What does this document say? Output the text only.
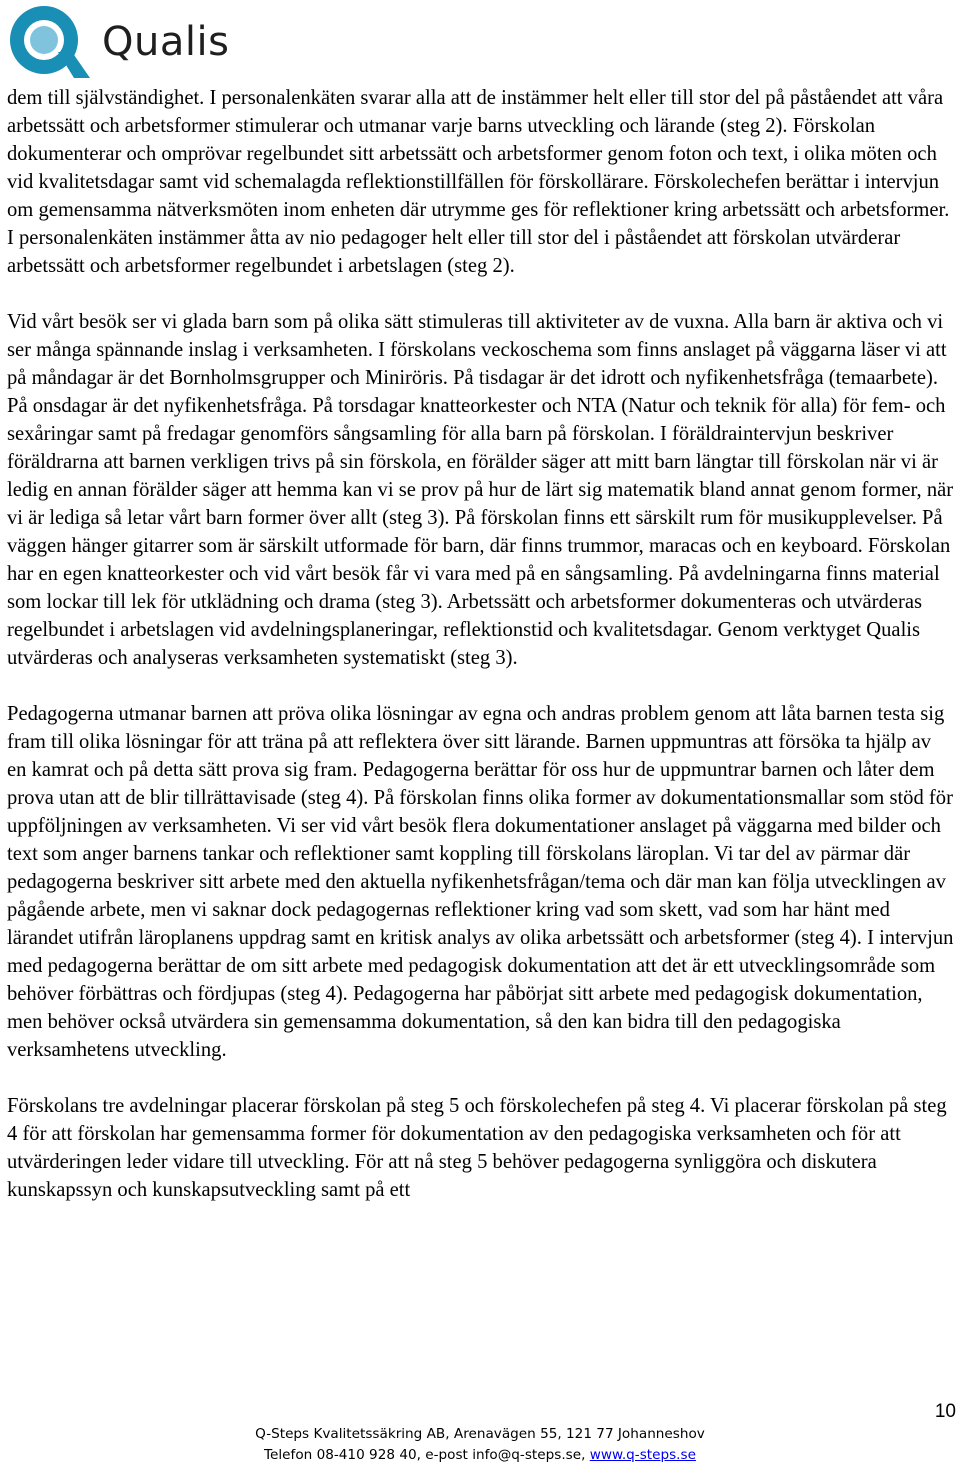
Qualis

dem till självständighet. I personalenkäten svarar alla att de instämmer helt eller till stor del på påståendet att våra arbetssätt och arbetsformer stimulerar och utmanar varje barns utveckling och lärande (steg 2). Förskolan dokumenterar och omprövar regelbundet sitt arbetssätt och arbetsformer genom foton och text, i olika möten och vid kvalitetsdagar samt vid schemalagda reflektionstillfällen för förskollärare. Förskolechefen berättar i intervjun om gemensamma nätverksmöten inom enheten där utrymme ges för reflektioner kring arbetssätt och arbetsformer. I personalenkäten instämmer åtta av nio pedagoger helt eller till stor del i påståendet att förskolan utvärderar arbetssätt och arbetsformer regelbundet i arbetslagen (steg 2).

Vid vårt besök ser vi glada barn som på olika sätt stimuleras till aktiviteter av de vuxna. Alla barn är aktiva och vi ser många spännande inslag i verksamheten. I förskolans veckoschema som finns anslaget på väggarna läser vi att på måndagar är det Bornholmsgrupper och Miniröris. På tisdagar är det idrott och nyfikenhetsfråga (temaarbete). På onsdagar är det nyfikenhetsfråga. På torsdagar knatteorkester och NTA (Natur och teknik för alla) för fem- och sexåringar samt på fredagar genomförs sångsamling för alla barn på förskolan. I föräldraintervjun beskriver föräldrarna att barnen verkligen trivs på sin förskola, en förälder säger att mitt barn längtar till förskolan när vi är ledig en annan förälder säger att hemma kan vi se prov på hur de lärt sig matematik bland annat genom former, när vi är lediga så letar vårt barn former över allt (steg 3). På förskolan finns ett särskilt rum för musikupplevelser. På väggen hänger gitarrer som är särskilt utformade för barn, där finns trummor, maracas och en keyboard. Förskolan har en egen knatteorkester och vid vårt besök får vi vara med på en sångsamling. På avdelningarna finns material som lockar till lek för utklädning och drama (steg 3). Arbetssätt och arbetsformer dokumenteras och utvärderas regelbundet i arbetslagen vid avdelningsplaneringar, reflektionstid och kvalitetsdagar. Genom verktyget Qualis utvärderas och analyseras verksamheten systematiskt (steg 3).

Pedagogerna utmanar barnen att pröva olika lösningar av egna och andras problem genom att låta barnen testa sig fram till olika lösningar för att träna på att reflektera över sitt lärande. Barnen uppmuntras att försöka ta hjälp av en kamrat och på detta sätt prova sig fram. Pedagogerna berättar för oss hur de uppmuntrar barnen och låter dem prova utan att de blir tillrättavisade (steg 4). På förskolan finns olika former av dokumentationsmallar som stöd för uppföljningen av verksamheten. Vi ser vid vårt besök flera dokumentationer anslaget på väggarna med bilder och text som anger barnens tankar och reflektioner samt koppling till förskolans läroplan. Vi tar del av pärmar där pedagogerna beskriver sitt arbete med den aktuella nyfikenhetsfrågan/tema och där man kan följa utvecklingen av pågående arbete, men vi saknar dock pedagogernas reflektioner kring vad som skett, vad som har hänt med lärandet utifrån läroplanens uppdrag samt en kritisk analys av olika arbetssätt och arbetsformer (steg 4). I intervjun med pedagogerna berättar de om sitt arbete med pedagogisk dokumentation att det är ett utvecklingsområde som behöver förbättras och fördjupas (steg 4). Pedagogerna har påbörjat sitt arbete med pedagogisk dokumentation, men behöver också utvärdera sin gemensamma dokumentation, så den kan bidra till den pedagogiska verksamhetens utveckling.

Förskolans tre avdelningar placerar förskolan på steg 5 och förskolechefen på steg 4. Vi placerar förskolan på steg 4 för att förskolan har gemensamma former för dokumentation av den pedagogiska verksamheten och för att utvärderingen leder vidare till utveckling. För att nå steg 5 behöver pedagogerna synliggöra och diskutera kunskapssyn och kunskapsutveckling samt på ett

10
Q-Steps Kvalitetssäkring AB, Arenavägen 55, 121 77 Johanneshov
Telefon 08-410 928 40, e-post info@q-steps.se, www.q-steps.se
